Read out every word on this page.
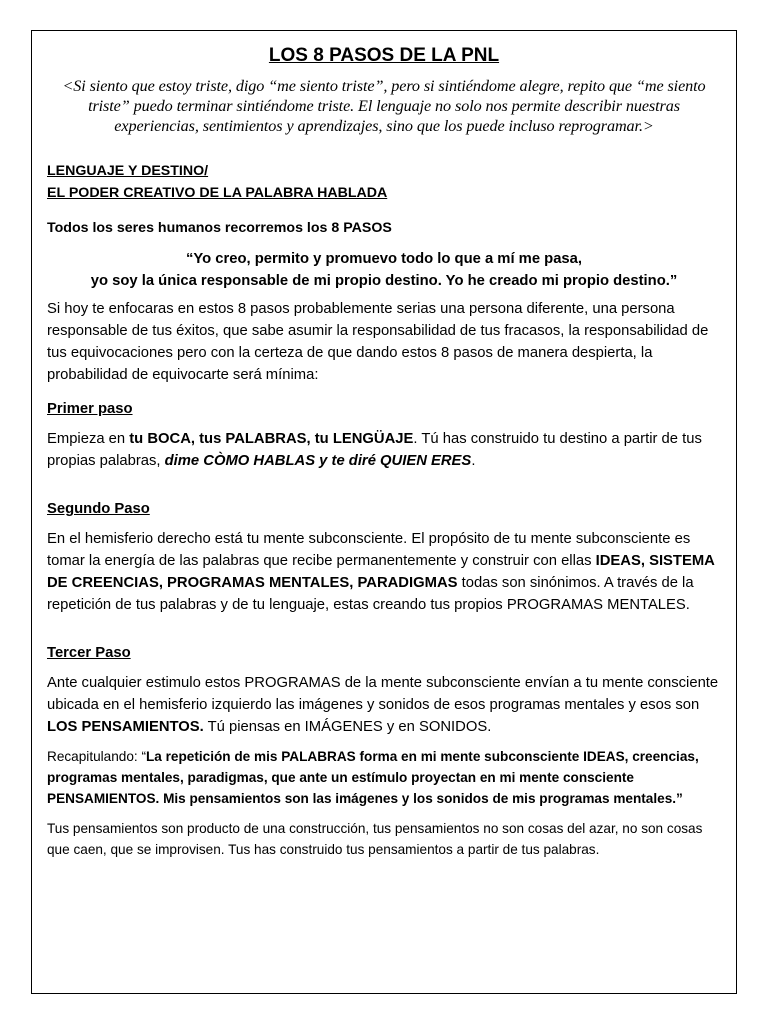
LOS 8 PASOS DE LA PNL

<Si siento que estoy triste, digo “me siento triste”, pero si sintiéndome alegre, repito que “me siento triste” puedo terminar sintiéndome triste. El lenguaje no solo nos permite describir nuestras experiencias, sentimientos y aprendizajes, sino que los puede incluso reprogramar.>

LENGUAJE Y DESTINO/

EL PODER CREATIVO DE LA PALABRA HABLADA

Todos los seres humanos recorremos los 8 PASOS

“Yo creo, permito y promuevo todo lo que a mí me pasa,

yo soy la única responsable de mi propio destino. Yo he creado mi propio destino.”

Si hoy te enfocaras en estos 8 pasos probablemente serias una persona diferente, una persona responsable de tus éxitos, que sabe asumir la responsabilidad de tus fracasos, la responsabilidad de tus equivocaciones pero con la certeza de que dando estos 8 pasos de manera despierta, la probabilidad de equivocarte será mínima:

Primer paso

Empieza en tu BOCA, tus PALABRAS, tu LENGÜAJE. Tú has construido tu destino a partir de tus propias palabras, dime CÒMO HABLAS y te diré QUIEN ERES.

Segundo Paso

En el hemisferio derecho está tu mente subconsciente. El propósito de tu mente subconsciente es tomar la energía de las palabras que recibe permanentemente y construir con ellas IDEAS, SISTEMA DE CREENCIAS, PROGRAMAS MENTALES, PARADIGMAS todas son sinónimos. A través de la repetición de tus palabras y de tu lenguaje, estas creando tus propios PROGRAMAS MENTALES.

Tercer Paso

Ante cualquier estimulo estos PROGRAMAS de la mente subconsciente envían a tu mente consciente ubicada en el hemisferio izquierdo las imágenes y sonidos de esos programas mentales y esos son LOS PENSAMIENTOS. Tú piensas en IMÁGENES y en SONIDOS.

Recapitulando: “La repetición de mis PALABRAS forma en mi mente subconsciente IDEAS, creencias, programas mentales, paradigmas, que ante un estímulo proyectan en mi mente consciente PENSAMIENTOS. Mis pensamientos son las imágenes y los sonidos de mis programas mentales.”

Tus pensamientos son producto de una construcción, tus pensamientos no son cosas del azar, no son cosas que caen, que se improvisen. Tus has construido tus pensamientos a partir de tus palabras.
